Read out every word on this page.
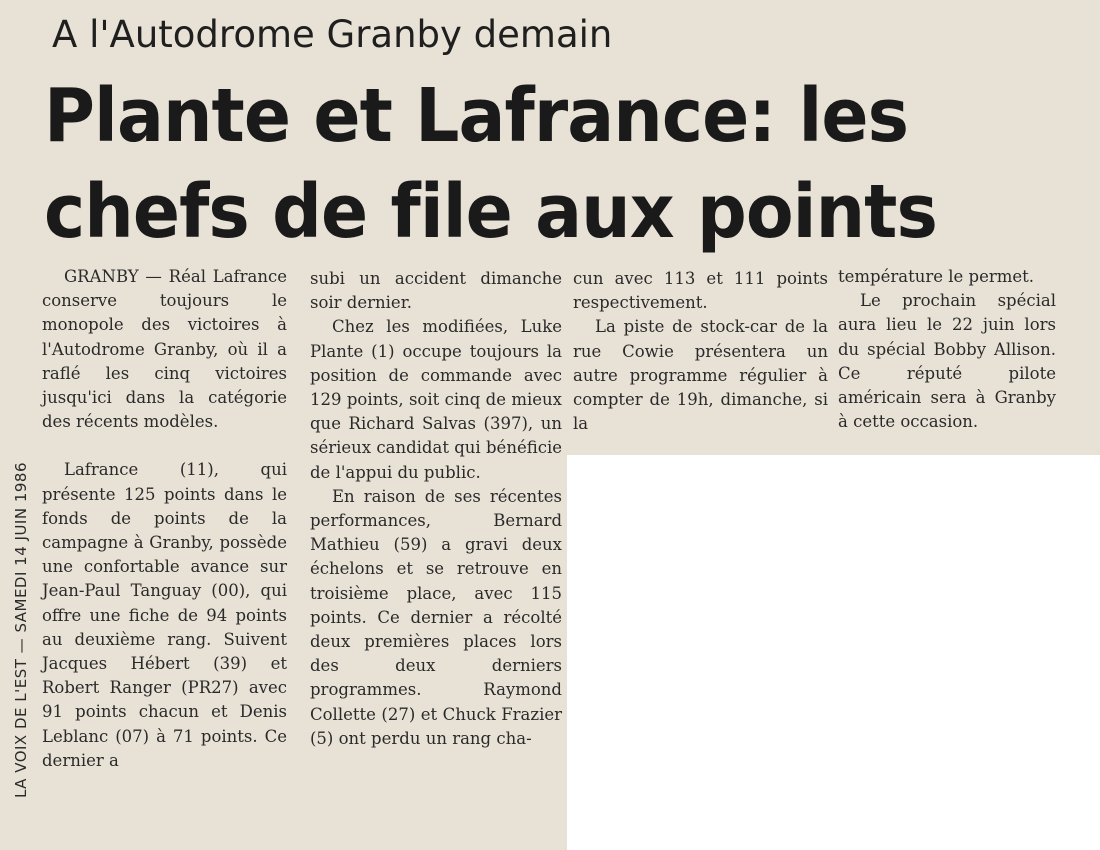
A l'Autodrome Granby demain
Plante et Lafrance: les
chefs de file aux points
LA VOIX DE L'EST — SAMEDI 14 JUIN 1986

GRANBY — Réal Lafrance conserve toujours le monopole des victoires à l'Autodrome Granby, où il a raflé les cinq victoires jusqu'ici dans la catégorie des récents modèles.

Lafrance (11), qui présente 125 points dans le fonds de points de la campagne à Granby, possède une confortable avance sur Jean-Paul Tanguay (00), qui offre une fiche de 94 points au deuxième rang. Suivent Jacques Hébert (39) et Robert Ranger (PR27) avec 91 points chacun et Denis Leblanc (07) à 71 points. Ce dernier a

subi un accident dimanche soir dernier.

Chez les modifiées, Luke Plante (1) occupe toujours la position de commande avec 129 points, soit cinq de mieux que Richard Salvas (397), un sérieux candidat qui bénéficie de l'appui du public.

En raison de ses récentes performances, Bernard Mathieu (59) a gravi deux échelons et se retrouve en troisième place, avec 115 points. Ce dernier a récolté deux premières places lors des deux derniers programmes. Raymond Collette (27) et Chuck Frazier (5) ont perdu un rang cha-

cun avec 113 et 111 points respectivement.

La piste de stock-car de la rue Cowie présentera un autre programme régulier à compter de 19h, dimanche, si la

température le permet.

Le prochain spécial aura lieu le 22 juin lors du spécial Bobby Allison. Ce réputé pilote américain sera à Granby à cette occasion.
